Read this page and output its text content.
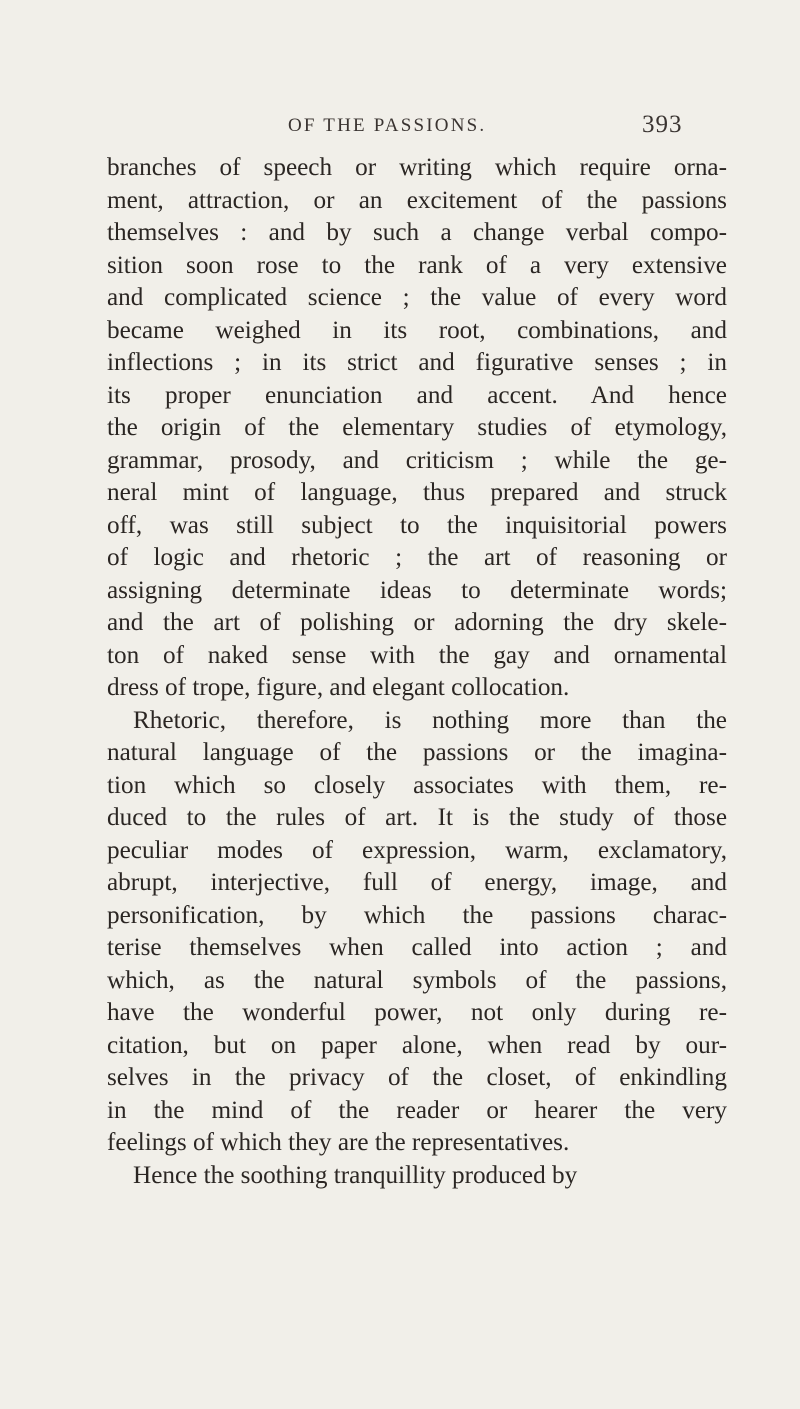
OF THE PASSIONS.	393
branches of speech or writing which require orna-
ment, attraction, or an excitement of the passions
themselves : and by such a change verbal compo-
sition soon rose to the rank of a very extensive
and complicated science ; the value of every word
became weighed in its root, combinations, and
inflections ; in its strict and figurative senses ; in
its proper enunciation and accent. And hence
the origin of the elementary studies of etymology,
grammar, prosody, and criticism ; while the ge-
neral mint of language, thus prepared and struck
off, was still subject to the inquisitorial powers
of logic and rhetoric ; the art of reasoning or
assigning determinate ideas to determinate words;
and the art of polishing or adorning the dry skele-
ton of naked sense with the gay and ornamental
dress of trope, figure, and elegant collocation.
Rhetoric, therefore, is nothing more than the
natural language of the passions or the imagina-
tion which so closely associates with them, re-
duced to the rules of art. It is the study of those
peculiar modes of expression, warm, exclamatory,
abrupt, interjective, full of energy, image, and
personification, by which the passions charac-
terise themselves when called into action ; and
which, as the natural symbols of the passions,
have the wonderful power, not only during re-
citation, but on paper alone, when read by our-
selves in the privacy of the closet, of enkindling
in the mind of the reader or hearer the very
feelings of which they are the representatives.
Hence the soothing tranquillity produced by
